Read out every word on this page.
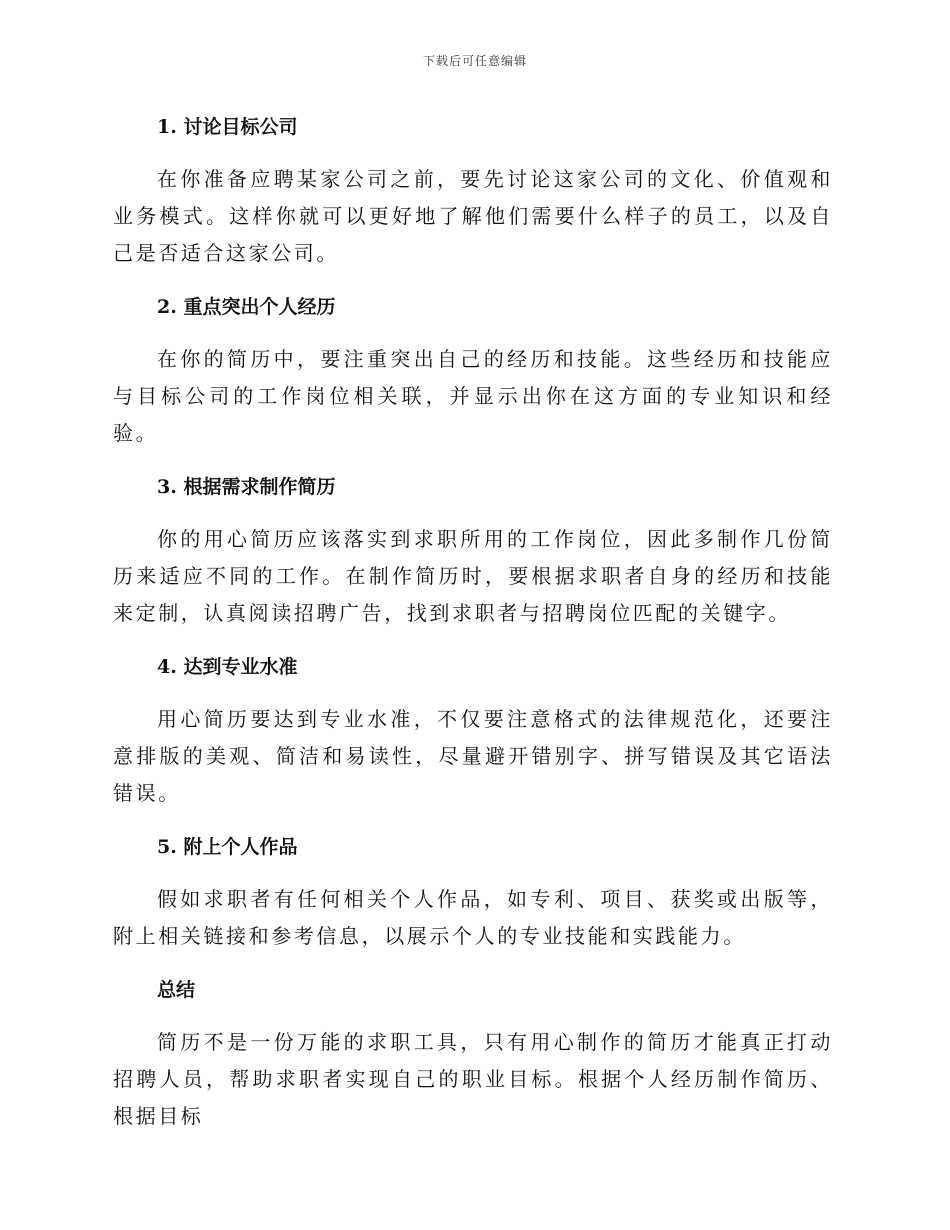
下载后可任意编辑
1. 讨论目标公司

在你准备应聘某家公司之前，要先讨论这家公司的文化、价值观和业务模式。这样你就可以更好地了解他们需要什么样子的员工，以及自己是否适合这家公司。

2. 重点突出个人经历

在你的简历中，要注重突出自己的经历和技能。这些经历和技能应与目标公司的工作岗位相关联，并显示出你在这方面的专业知识和经验。

3. 根据需求制作简历

你的用心简历应该落实到求职所用的工作岗位，因此多制作几份简历来适应不同的工作。在制作简历时，要根据求职者自身的经历和技能来定制，认真阅读招聘广告，找到求职者与招聘岗位匹配的关键字。

4. 达到专业水准

用心简历要达到专业水准，不仅要注意格式的法律规范化，还要注意排版的美观、简洁和易读性，尽量避开错别字、拼写错误及其它语法错误。

5. 附上个人作品

假如求职者有任何相关个人作品，如专利、项目、获奖或出版等，附上相关链接和参考信息，以展示个人的专业技能和实践能力。

总结

简历不是一份万能的求职工具，只有用心制作的简历才能真正打动招聘人员，帮助求职者实现自己的职业目标。根据个人经历制作简历、根据目标
